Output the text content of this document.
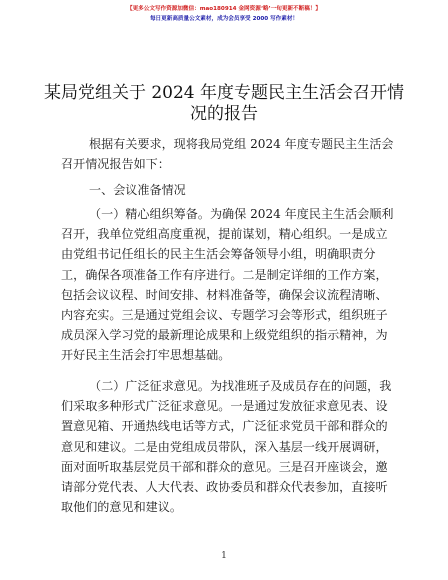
【更多公文写作资源加微信：mao180914 金网资源‘略’一旬更新不断稿！】
每日更新高质量公文素材，成为会员享受 2000 写作素材！
某局党组关于 2024 年度专题民主生活会召开情
况的报告
根据有关要求，现将我局党组 2024 年度专题民主生活会
召开情况报告如下：
一、会议准备情况
（一）精心组织筹备。为确保 2024 年度民主生活会顺利
召开，我单位党组高度重视，提前谋划，精心组织。一是成立
由党组书记任组长的民主生活会筹备领导小组，明确职责分
工，确保各项准备工作有序进行。二是制定详细的工作方案，
包括会议议程、时间安排、材料准备等，确保会议流程清晰、
内容充实。三是通过党组会议、专题学习会等形式，组织班子
成员深入学习党的最新理论成果和上级党组织的指示精神，为
开好民主生活会打牢思想基础。
（二）广泛征求意见。为找准班子及成员存在的问题，我
们采取多种形式广泛征求意见。一是通过发放征求意见表、设
置意见箱、开通热线电话等方式，广泛征求党员干部和群众的
意见和建议。二是由党组成员带队，深入基层一线开展调研，
面对面听取基层党员干部和群众的意见。三是召开座谈会，邀
请部分党代表、人大代表、政协委员和群众代表参加，直接听
取他们的意见和建议。
1
